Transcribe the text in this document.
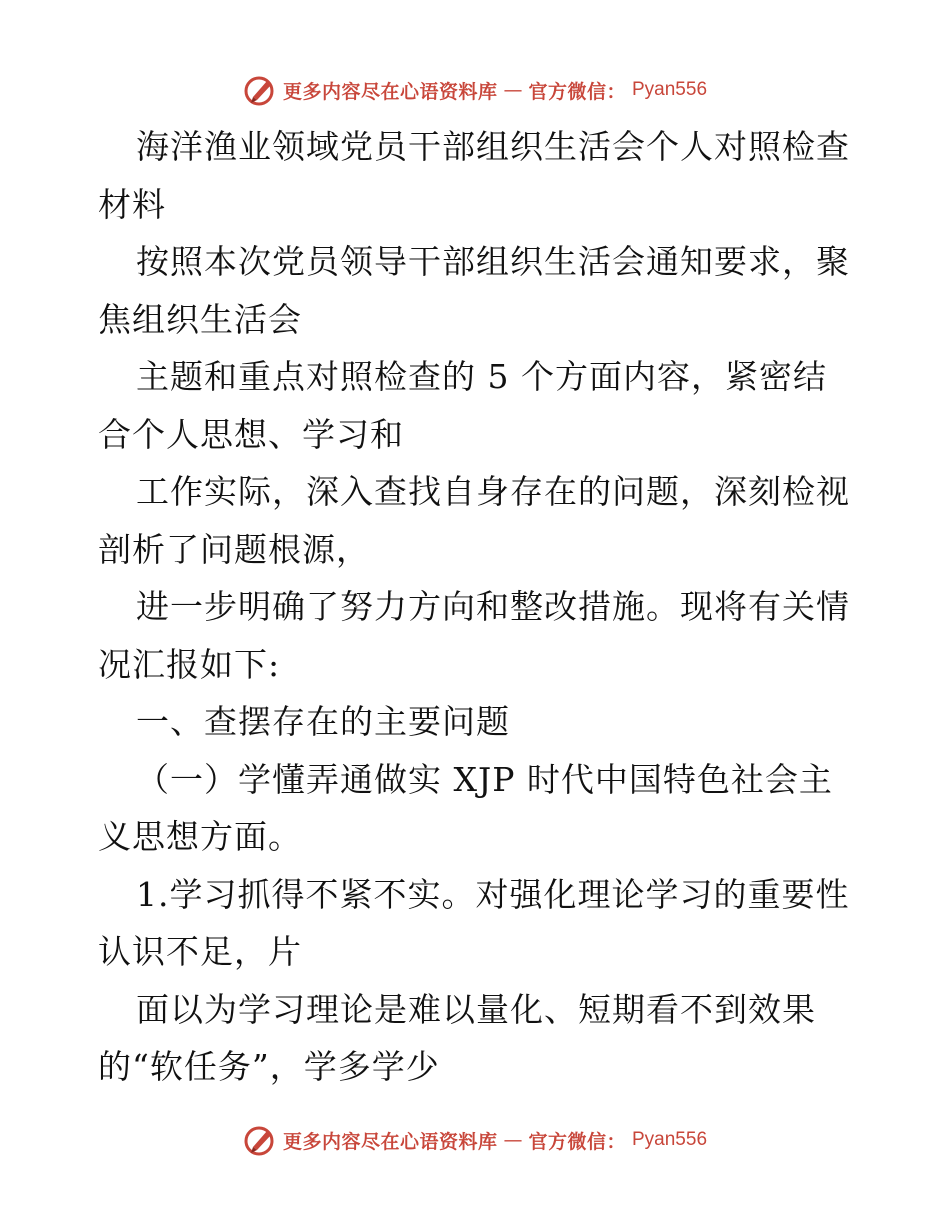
更多内容尽在心语资料库 — 官方微信： Pyan556
海洋渔业领域党员干部组织生活会个人对照检查
材料
按照本次党员领导干部组织生活会通知要求，聚
焦组织生活会
主题和重点对照检查的 5 个方面内容，紧密结
合个人思想、学习和
工作实际，深入查找自身存在的问题，深刻检视
剖析了问题根源，
进一步明确了努力方向和整改措施。现将有关情
况汇报如下:
一、查摆存在的主要问题
（一）学懂弄通做实 XJP 时代中国特色社会主
义思想方面。
1.学习抓得不紧不实。对强化理论学习的重要性
认识不足，片
面以为学习理论是难以量化、短期看不到效果
的“软任务”，学多学少
更多内容尽在心语资料库 — 官方微信： Pyan556
